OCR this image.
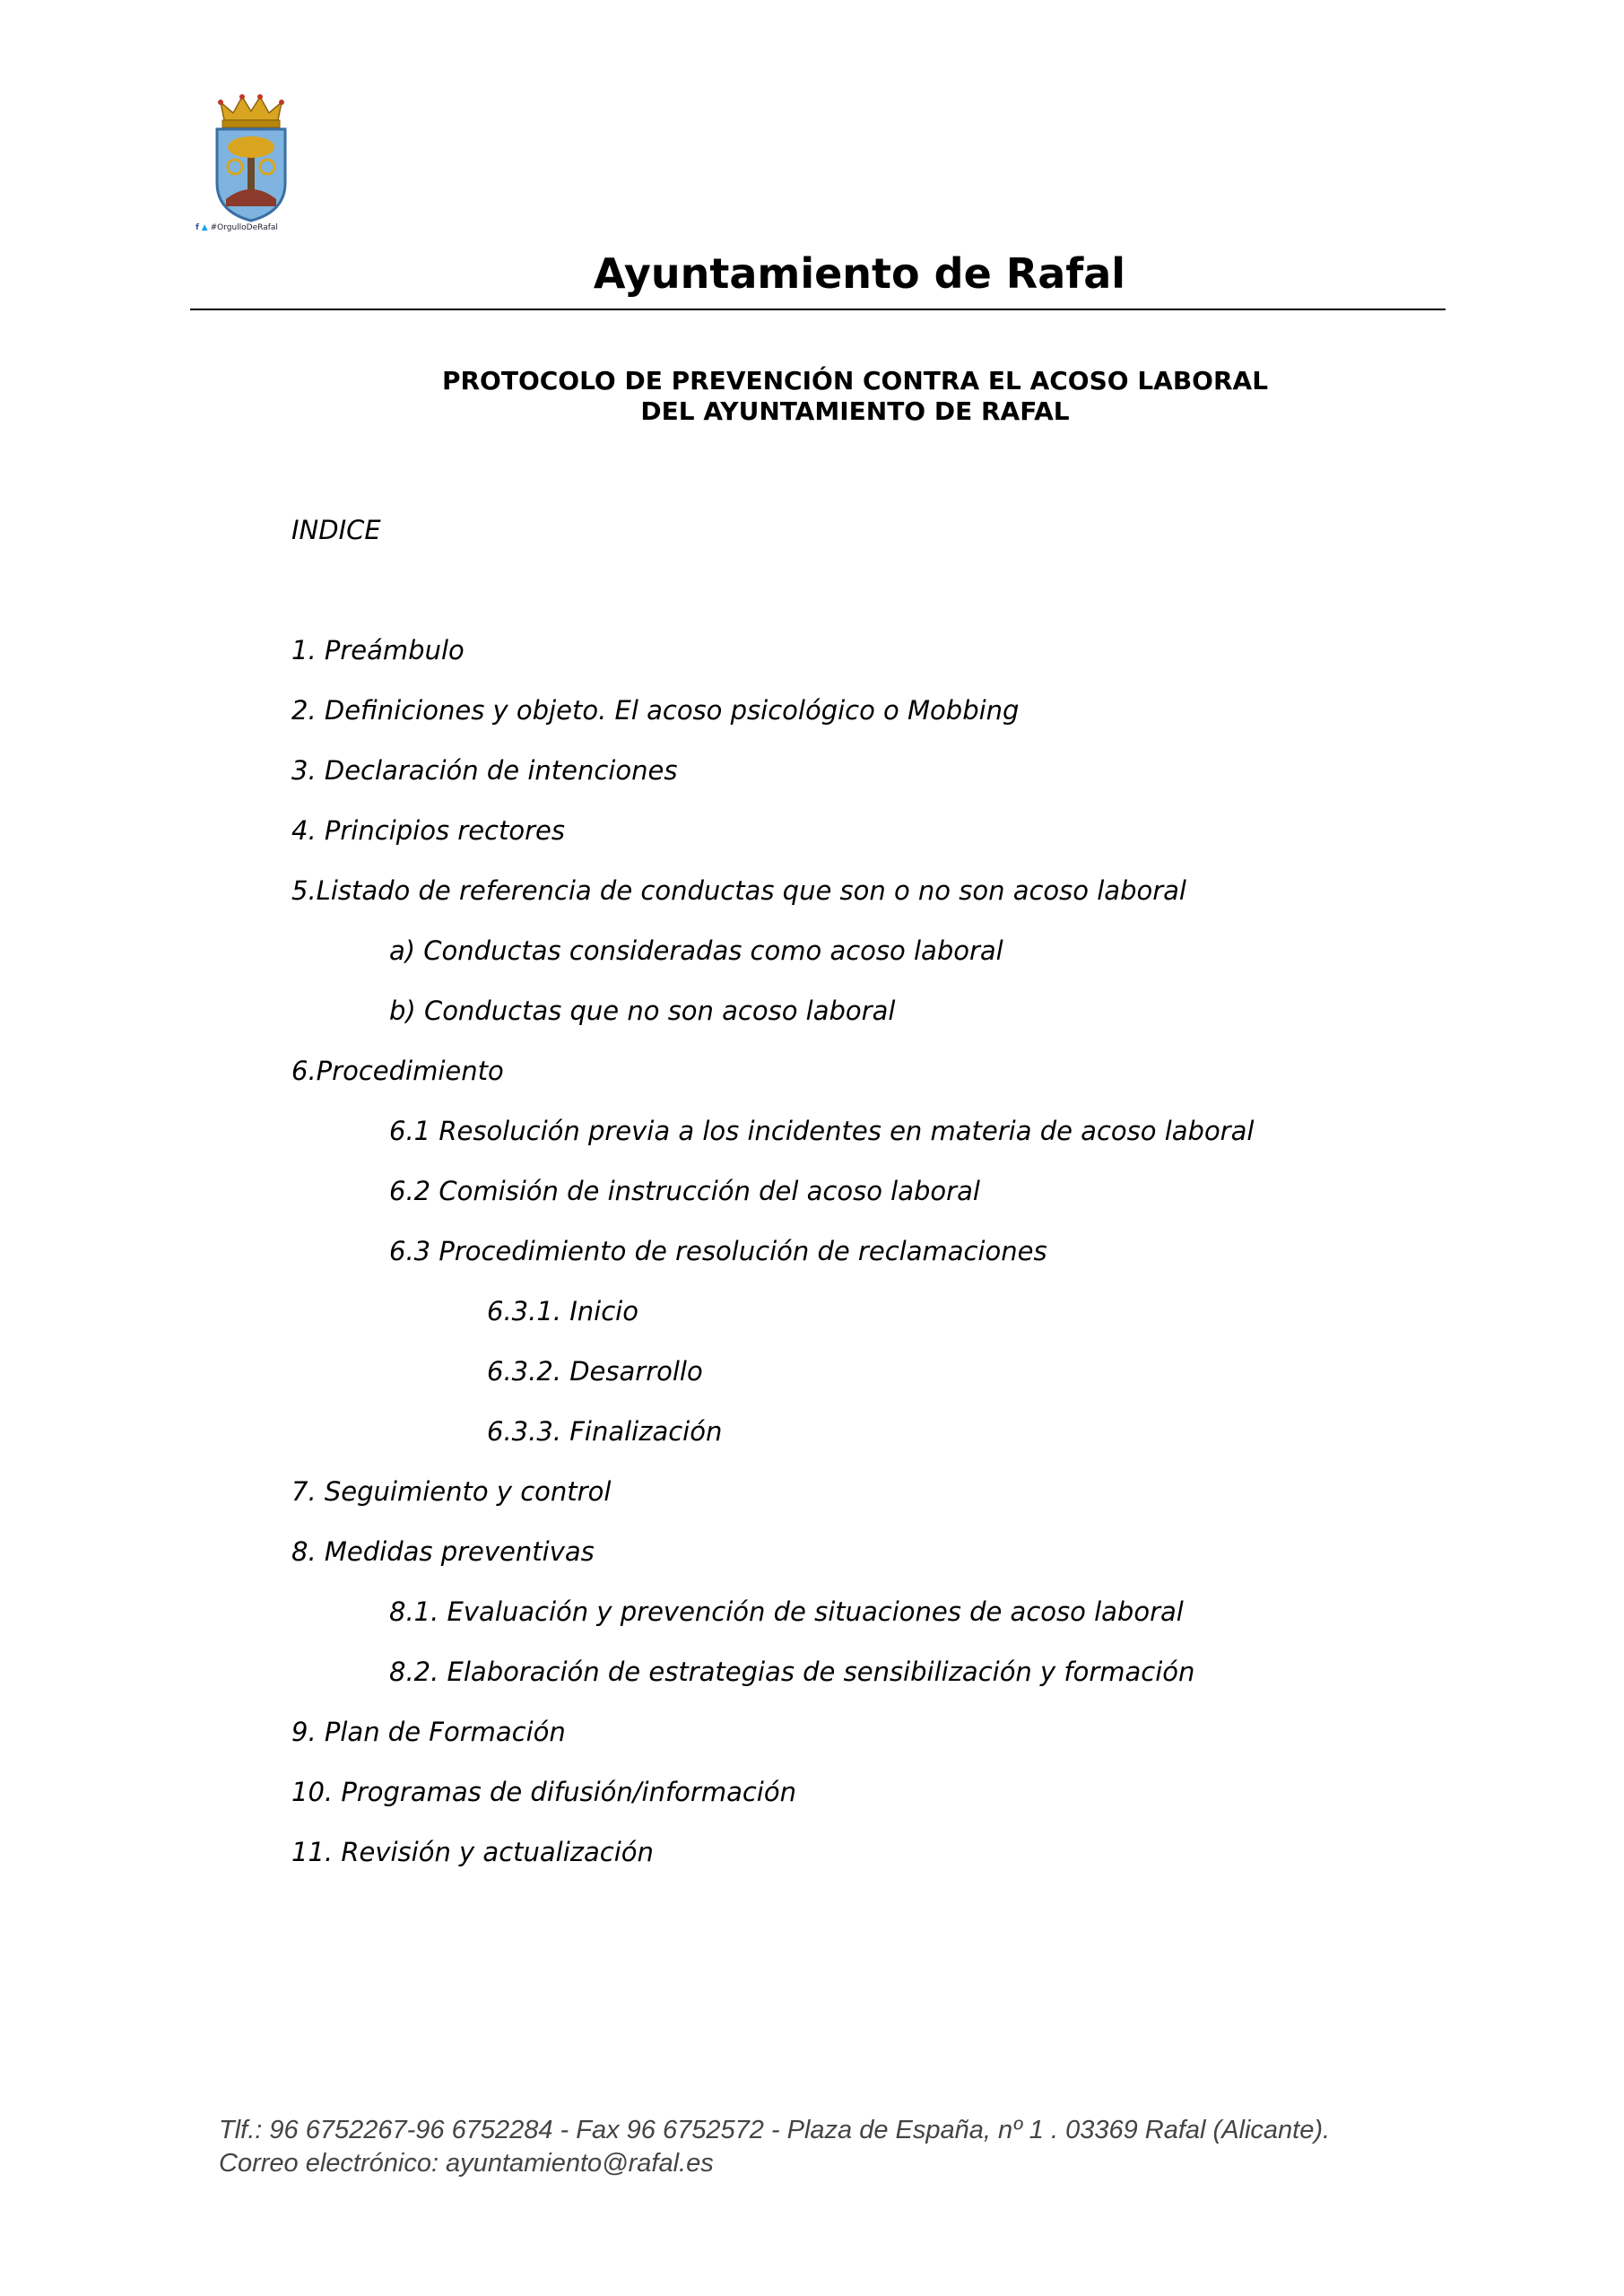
f ▲ #OrgulloDeRafal
Ayuntamiento de Rafal
PROTOCOLO DE PREVENCIÓN CONTRA EL ACOSO LABORAL
DEL AYUNTAMIENTO DE RAFAL
INDICE
1. Preámbulo
2. Definiciones y objeto. El acoso psicológico o Mobbing
3. Declaración de intenciones
4. Principios rectores
5.Listado de referencia de conductas que son o no son acoso laboral
a) Conductas consideradas como acoso laboral
b) Conductas que no son acoso laboral
6.Procedimiento
6.1 Resolución previa a los incidentes en materia de acoso laboral
6.2 Comisión de instrucción del acoso laboral
6.3 Procedimiento de resolución de reclamaciones
6.3.1. Inicio
6.3.2. Desarrollo
6.3.3. Finalización
7. Seguimiento y control
8. Medidas preventivas
8.1. Evaluación y prevención de situaciones de acoso laboral
8.2. Elaboración de estrategias de sensibilización y formación
9. Plan de Formación
10. Programas de difusión/información
11. Revisión y actualización
Tlf.: 96 6752267-96 6752284 - Fax 96 6752572 - Plaza de España, nº 1 . 03369 Rafal (Alicante).
Correo electrónico: ayuntamiento@rafal.es
